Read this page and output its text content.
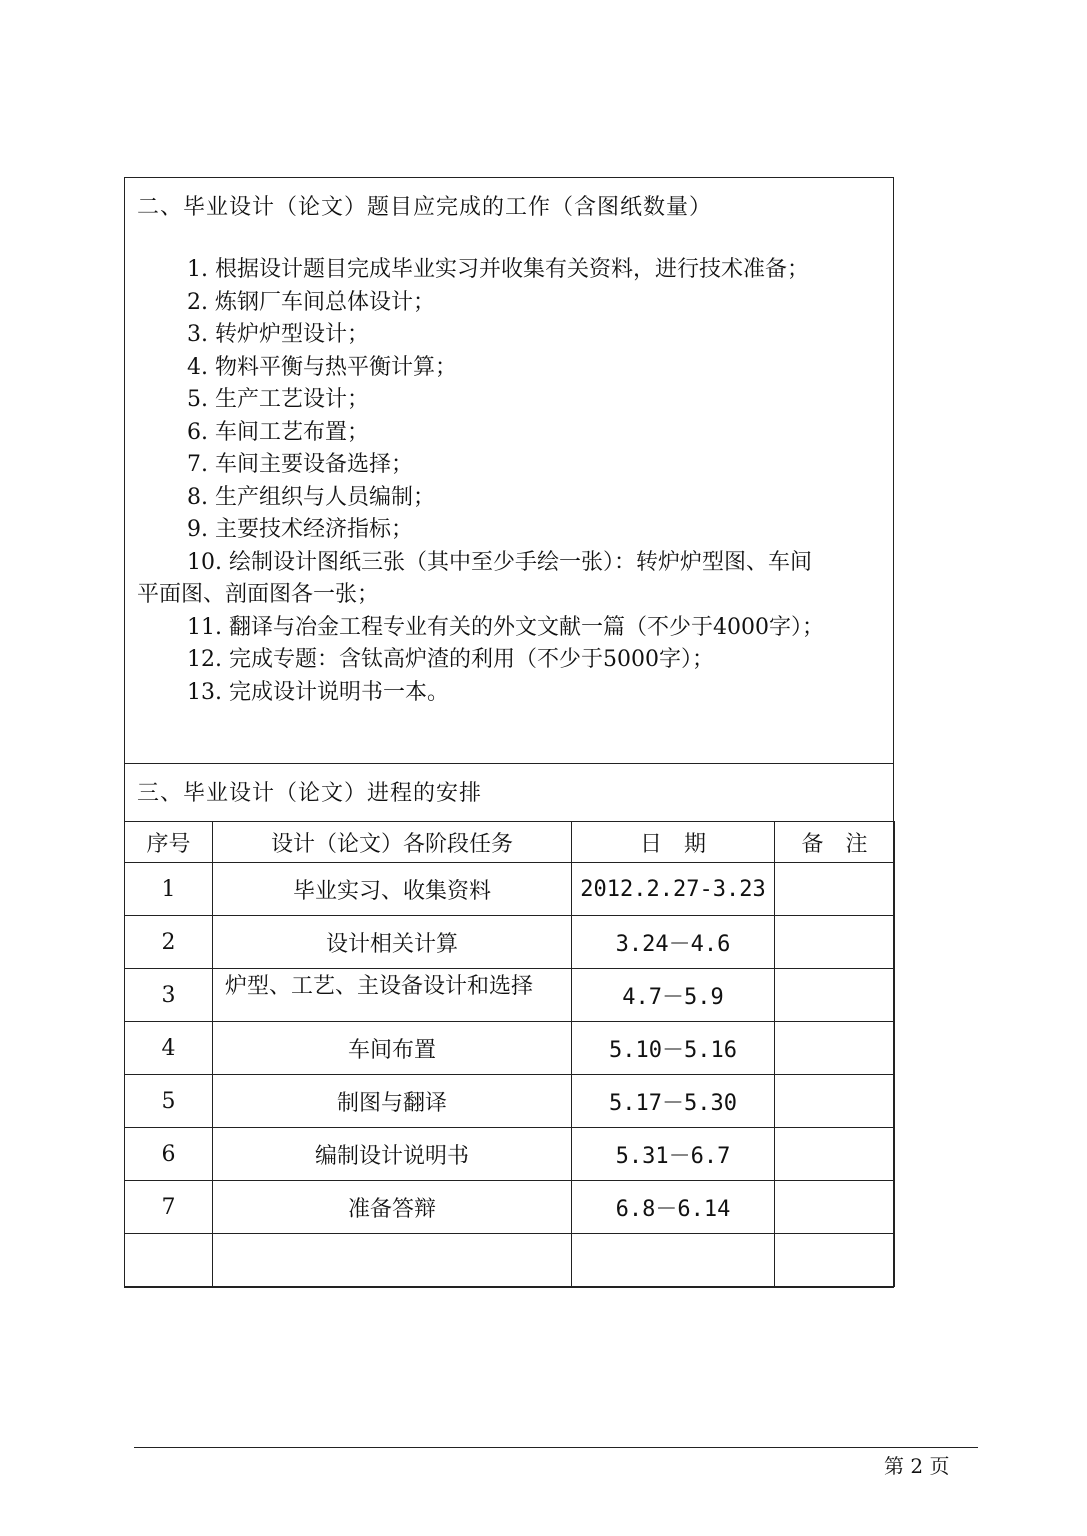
二、毕业设计（论文）题目应完成的工作（含图纸数量）
1. 根据设计题目完成毕业实习并收集有关资料，进行技术准备；
2. 炼钢厂车间总体设计；
3. 转炉炉型设计；
4. 物料平衡与热平衡计算；
5. 生产工艺设计；
6. 车间工艺布置；
7. 车间主要设备选择；
8. 生产组织与人员编制；
9. 主要技术经济指标；
10. 绘制设计图纸三张（其中至少手绘一张）：转炉炉型图、车间
平面图、剖面图各一张；
11. 翻译与冶金工程专业有关的外文文献一篇（不少于4000字）；
12. 完成专题：含钛高炉渣的利用（不少于5000字）；
13. 完成设计说明书一本。
三、毕业设计（论文）进程的安排
序号	设计（论文）各阶段任务	日　期	备　注
1	毕业实习、收集资料	2012.2.27-3.23	
2	设计相关计算	3.24－4.6	
3	炉型、工艺、主设备设计和选择	4.7－5.9	
4	车间布置	5.10－5.16	
5	制图与翻译	5.17－5.30	
6	编制设计说明书	5.31－6.7	
7	准备答辩	6.8－6.14	

第 2 页
